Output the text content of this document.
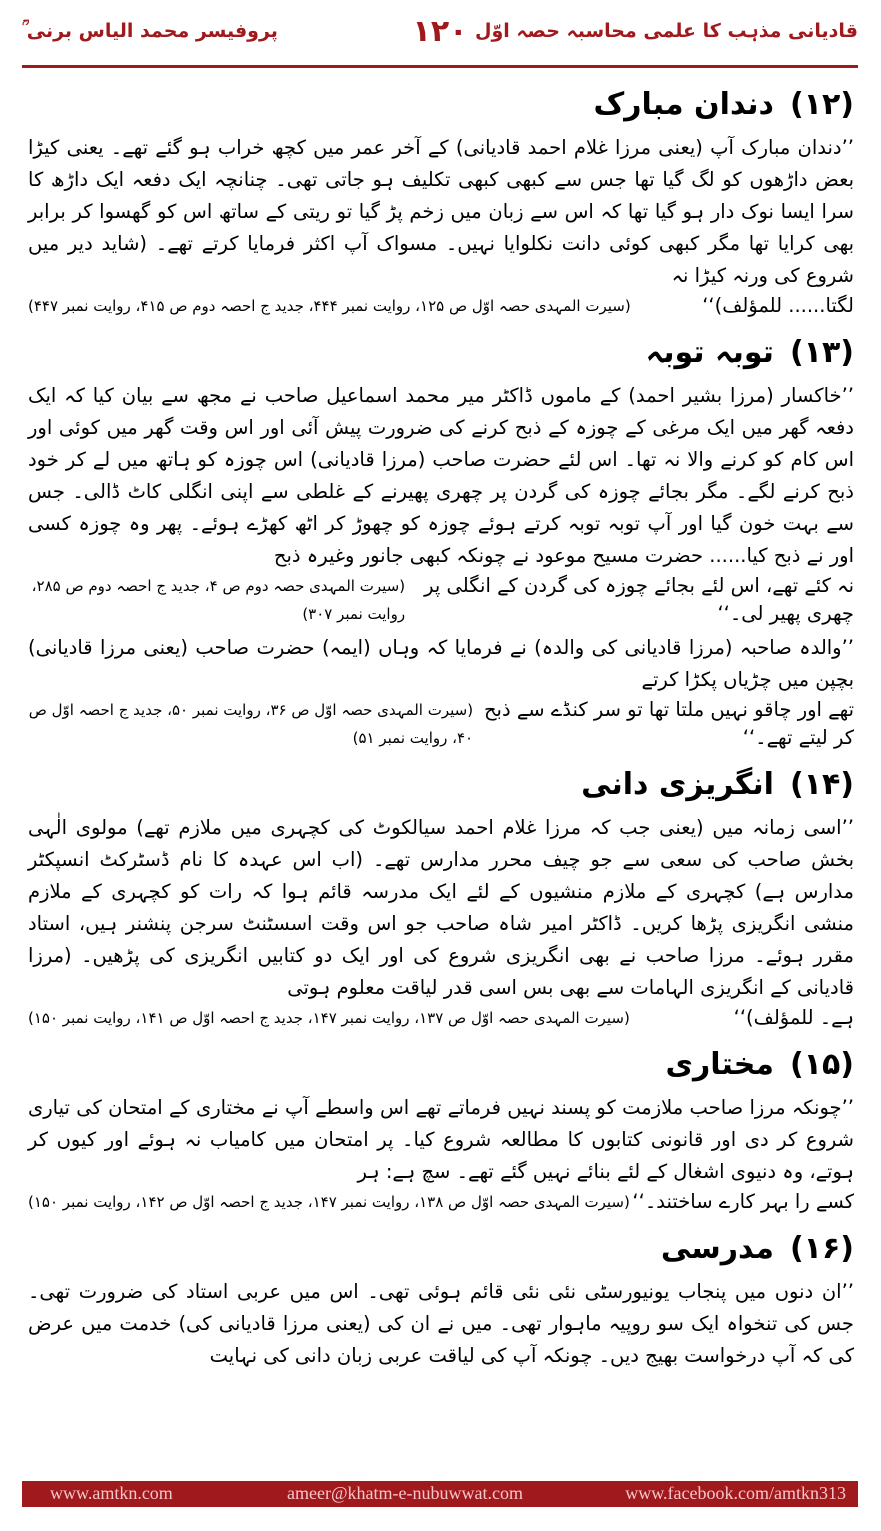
قادیانی مذہب کا علمی محاسبہ حصہ اوّل
۱۲۰
پروفیسر محمد الیاس برنی ؒ
(۱۲)
دندان مبارک

’’دندان مبارک آپ (یعنی مرزا غلام احمد قادیانی) کے آخر عمر میں کچھ خراب ہو گئے تھے۔ یعنی کیڑا بعض داڑھوں کو لگ گیا تھا جس سے کبھی کبھی تکلیف ہو جاتی تھی۔ چنانچہ ایک دفعہ ایک داڑھ کا سرا ایسا نوک دار ہو گیا تھا کہ اس سے زبان میں زخم پڑ گیا تو ریتی کے ساتھ اس کو گھسوا کر برابر بھی کرایا تھا مگر کبھی کوئی دانت نکلوایا نہیں۔ مسواک آپ اکثر فرمایا کرتے تھے۔ (شاید دیر میں شروع کی ورنہ کیڑا نہ

لگتا...... للمؤلف)‘‘
(سیرت المہدی حصہ اوّل ص ۱۲۵، روایت نمبر ۴۴۴، جدید ج احصہ دوم ص ۴۱۵، روایت نمبر ۴۴۷)
(۱۳)
توبہ توبہ

’’خاکسار (مرزا بشیر احمد) کے ماموں ڈاکٹر میر محمد اسماعیل صاحب نے مجھ سے بیان کیا کہ ایک دفعہ گھر میں ایک مرغی کے چوزہ کے ذبح کرنے کی ضرورت پیش آئی اور اس وقت گھر میں کوئی اور اس کام کو کرنے والا نہ تھا۔ اس لئے حضرت صاحب (مرزا قادیانی) اس چوزہ کو ہاتھ میں لے کر خود ذبح کرنے لگے۔ مگر بجائے چوزہ کی گردن پر چھری پھیرنے کے غلطی سے اپنی انگلی کاٹ ڈالی۔ جس سے بہت خون گیا اور آپ توبہ توبہ کرتے ہوئے چوزہ کو چھوڑ کر اٹھ کھڑے ہوئے۔ پھر وہ چوزہ کسی اور نے ذبح کیا...... حضرت مسیح موعود نے چونکہ کبھی جانور وغیرہ ذبح

نہ کئے تھے، اس لئے بجائے چوزہ کی گردن کے انگلی پر چھری پھیر لی۔‘‘
(سیرت المہدی حصہ دوم ص ۴، جدید ج احصہ دوم ص ۲۸۵، روایت نمبر ۳۰۷)

’’والدہ صاحبہ (مرزا قادیانی کی والدہ) نے فرمایا کہ وہاں (ایمہ) حضرت صاحب (یعنی مرزا قادیانی) بچپن میں چڑیاں پکڑا کرتے

تھے اور چاقو نہیں ملتا تھا تو سر کنڈے سے ذبح کر لیتے تھے۔‘‘
(سیرت المہدی حصہ اوّل ص ۳۶، روایت نمبر ۵۰، جدید ج احصہ اوّل ص ۴۰، روایت نمبر ۵۱)
(۱۴)
انگریزی دانی

’’اسی زمانہ میں (یعنی جب کہ مرزا غلام احمد سیالکوٹ کی کچہری میں ملازم تھے) مولوی الٰہی بخش صاحب کی سعی سے جو چیف محرر مدارس تھے۔ (اب اس عہدہ کا نام ڈسٹرکٹ انسپکٹر مدارس ہے) کچہری کے ملازم منشیوں کے لئے ایک مدرسہ قائم ہوا کہ رات کو کچہری کے ملازم منشی انگریزی پڑھا کریں۔ ڈاکٹر امیر شاہ صاحب جو اس وقت اسسٹنٹ سرجن پنشنر ہیں، استاد مقرر ہوئے۔ مرزا صاحب نے بھی انگریزی شروع کی اور ایک دو کتابیں انگریزی کی پڑھیں۔ (مرزا قادیانی کے انگریزی الہامات سے بھی بس اسی قدر لیاقت معلوم ہوتی

ہے۔ للمؤلف)‘‘
(سیرت المہدی حصہ اوّل ص ۱۳۷، روایت نمبر ۱۴۷، جدید ج احصہ اوّل ص ۱۴۱، روایت نمبر ۱۵۰)
(۱۵)
مختاری

’’چونکہ مرزا صاحب ملازمت کو پسند نہیں فرماتے تھے اس واسطے آپ نے مختاری کے امتحان کی تیاری شروع کر دی اور قانونی کتابوں کا مطالعہ شروع کیا۔ پر امتحان میں کامیاب نہ ہوئے اور کیوں کر ہوتے، وہ دنیوی اشغال کے لئے بنائے نہیں گئے تھے۔ سچ ہے: ہر

کسے را بہر کارے ساختند۔‘‘
(سیرت المہدی حصہ اوّل ص ۱۳۸، روایت نمبر ۱۴۷، جدید ج احصہ اوّل ص ۱۴۲، روایت نمبر ۱۵۰)
(۱۶)
مدرسی

’’ان دنوں میں پنجاب یونیورسٹی نئی نئی قائم ہوئی تھی۔ اس میں عربی استاد کی ضرورت تھی۔ جس کی تنخواہ ایک سو روپیہ ماہوار تھی۔ میں نے ان کی (یعنی مرزا قادیانی کی) خدمت میں عرض کی کہ آپ درخواست بھیج دیں۔ چونکہ آپ کی لیاقت عربی زبان دانی کی نہایت

www.amtkn.com	ameer@khatm-e-nubuwwat.com	www.facebook.com/amtkn313
